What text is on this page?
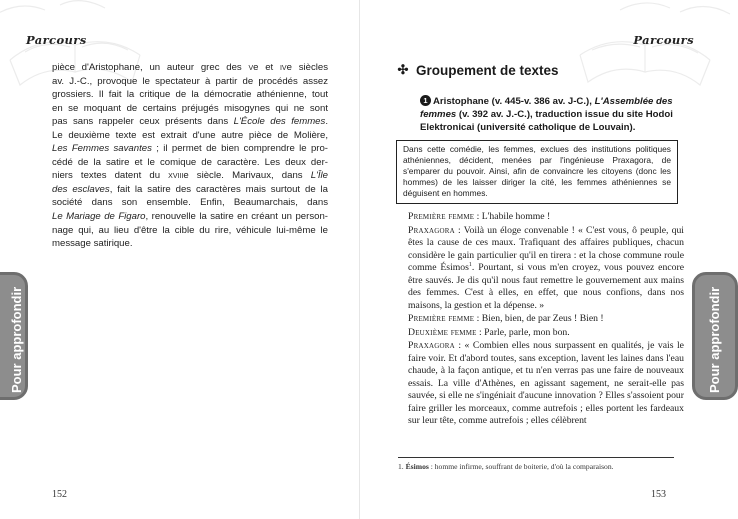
Parcours
pièce d'Aristophane, un auteur grec des ve et ive siècles
av. J.-C., provoque le spectateur à partir de procédés assez
grossiers. Il fait la critique de la démocratie athénienne, tout
en se moquant de certains préjugés misogynes qui ne sont
pas sans rappeler ceux présents dans L'École des femmes.
Le deuxième texte est extrait d'une autre pièce de Molière,
Les Femmes savantes ; il permet de bien comprendre le pro-
cédé de la satire et le comique de caractère. Les deux der-
niers textes datent du xviiie siècle. Marivaux, dans L'Île
des esclaves, fait la satire des caractères mais surtout de la
société dans son ensemble. Enfin, Beaumarchais, dans
Le Mariage de Figaro, renouvelle la satire en créant un person-
nage qui, au lieu d'être la cible du rire, véhicule lui-même le
message satirique.
Pour approfondir
152
Parcours
✣ Groupement de textes
1 Aristophane (v. 445-v. 386 av. J-C.), L'Assemblée des femmes (v. 392 av. J.-C.), traduction issue du site Hodoi Elektronicai (université catholique de Louvain).
Dans cette comédie, les femmes, exclues des institutions politiques athéniennes, décident, menées par l'ingénieuse Praxagora, de s'emparer du pouvoir. Ainsi, afin de convaincre les citoyens (donc les hommes) de les laisser diriger la cité, les femmes athéniennes se déguisent en hommes.

Première femme : L'habile homme !

Praxagora : Voilà un éloge convenable ! « C'est vous, ô peuple, qui êtes la cause de ces maux. Trafiquant des affaires publiques, chacun considère le gain particulier qu'il en tirera : et la chose commune roule comme Ésimos$^1$. Pourtant, si vous m'en croyez, vous pouvez encore être sauvés. Je dis qu'il nous faut remettre le gouvernement aux mains des femmes. C'est à elles, en effet, que nous confions, dans nos maisons, la gestion et la dépense. »

Première femme : Bien, bien, de par Zeus ! Bien !

Deuxième femme : Parle, parle, mon bon.

Praxagora : « Combien elles nous surpassent en qualités, je vais le faire voir. Et d'abord toutes, sans exception, lavent les laines dans l'eau chaude, à la façon antique, et tu n'en verras pas une faire de nouveaux essais. La ville d'Athènes, en agissant sagement, ne serait-elle pas sauvée, si elle ne s'ingéniait d'aucune innovation ? Elles s'assoient pour faire griller les morceaux, comme autrefois ; elles portent les fardeaux sur leur tête, comme autrefois ; elles célèbrent

1. Ésimos : homme infirme, souffrant de boiterie, d'où la comparaison.
Pour approfondir
153
